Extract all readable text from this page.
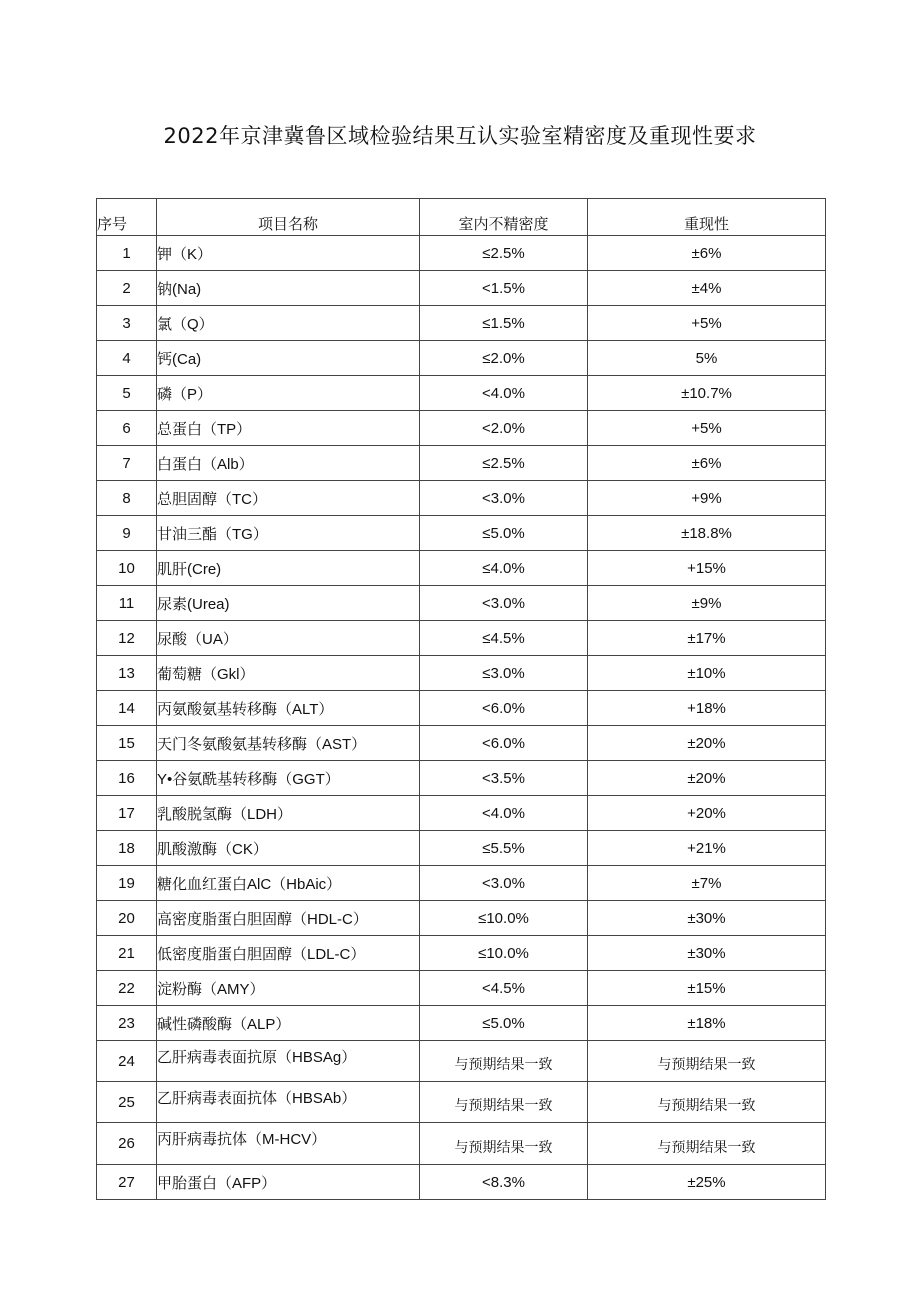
2022年京津冀鲁区域检验结果互认实验室精密度及重现性要求
序号	项目名称	室内不精密度	重现性
1	钾（K）	≤2.5%	±6%
2	钠(Na)	<1.5%	±4%
3	氯（Q）	≤1.5%	+5%
4	钙(Ca)	≤2.0%	5%
5	磷（P）	<4.0%	±10.7%
6	总蛋白（TP）	<2.0%	+5%
7	白蛋白（Alb）	≤2.5%	±6%
8	总胆固醇（TC）	<3.0%	+9%
9	甘油三酯（TG）	≤5.0%	±18.8%
10	肌肝(Cre)	≤4.0%	+15%
11	尿素(Urea)	<3.0%	±9%
12	尿酸（UA）	≤4.5%	±17%
13	葡萄糖（Gkl）	≤3.0%	±10%
14	丙氨酸氨基转移酶（ALT）	<6.0%	+18%
15	天门冬氨酸氨基转移酶（AST）	<6.0%	±20%
16	Y•谷氨酰基转移酶（GGT）	<3.5%	±20%
17	乳酸脱氢酶（LDH）	<4.0%	+20%
18	肌酸激酶（CK）	≤5.5%	+21%
19	糖化血红蛋白AlC（HbAic）	<3.0%	±7%
20	高密度脂蛋白胆固醇（HDL-C）	≤10.0%	±30%
21	低密度脂蛋白胆固醇（LDL-C）	≤10.0%	±30%
22	淀粉酶（AMY）	<4.5%	±15%
23	碱性磷酸酶（ALP）	≤5.0%	±18%
24	乙肝病毒表面抗原（HBSAg）	与预期结果一致	与预期结果一致
25	乙肝病毒表面抗体（HBSAb）	与预期结果一致	与预期结果一致
26	丙肝病毒抗体（M-HCV）	与预期结果一致	与预期结果一致
27	甲胎蛋白（AFP）	<8.3%	±25%
